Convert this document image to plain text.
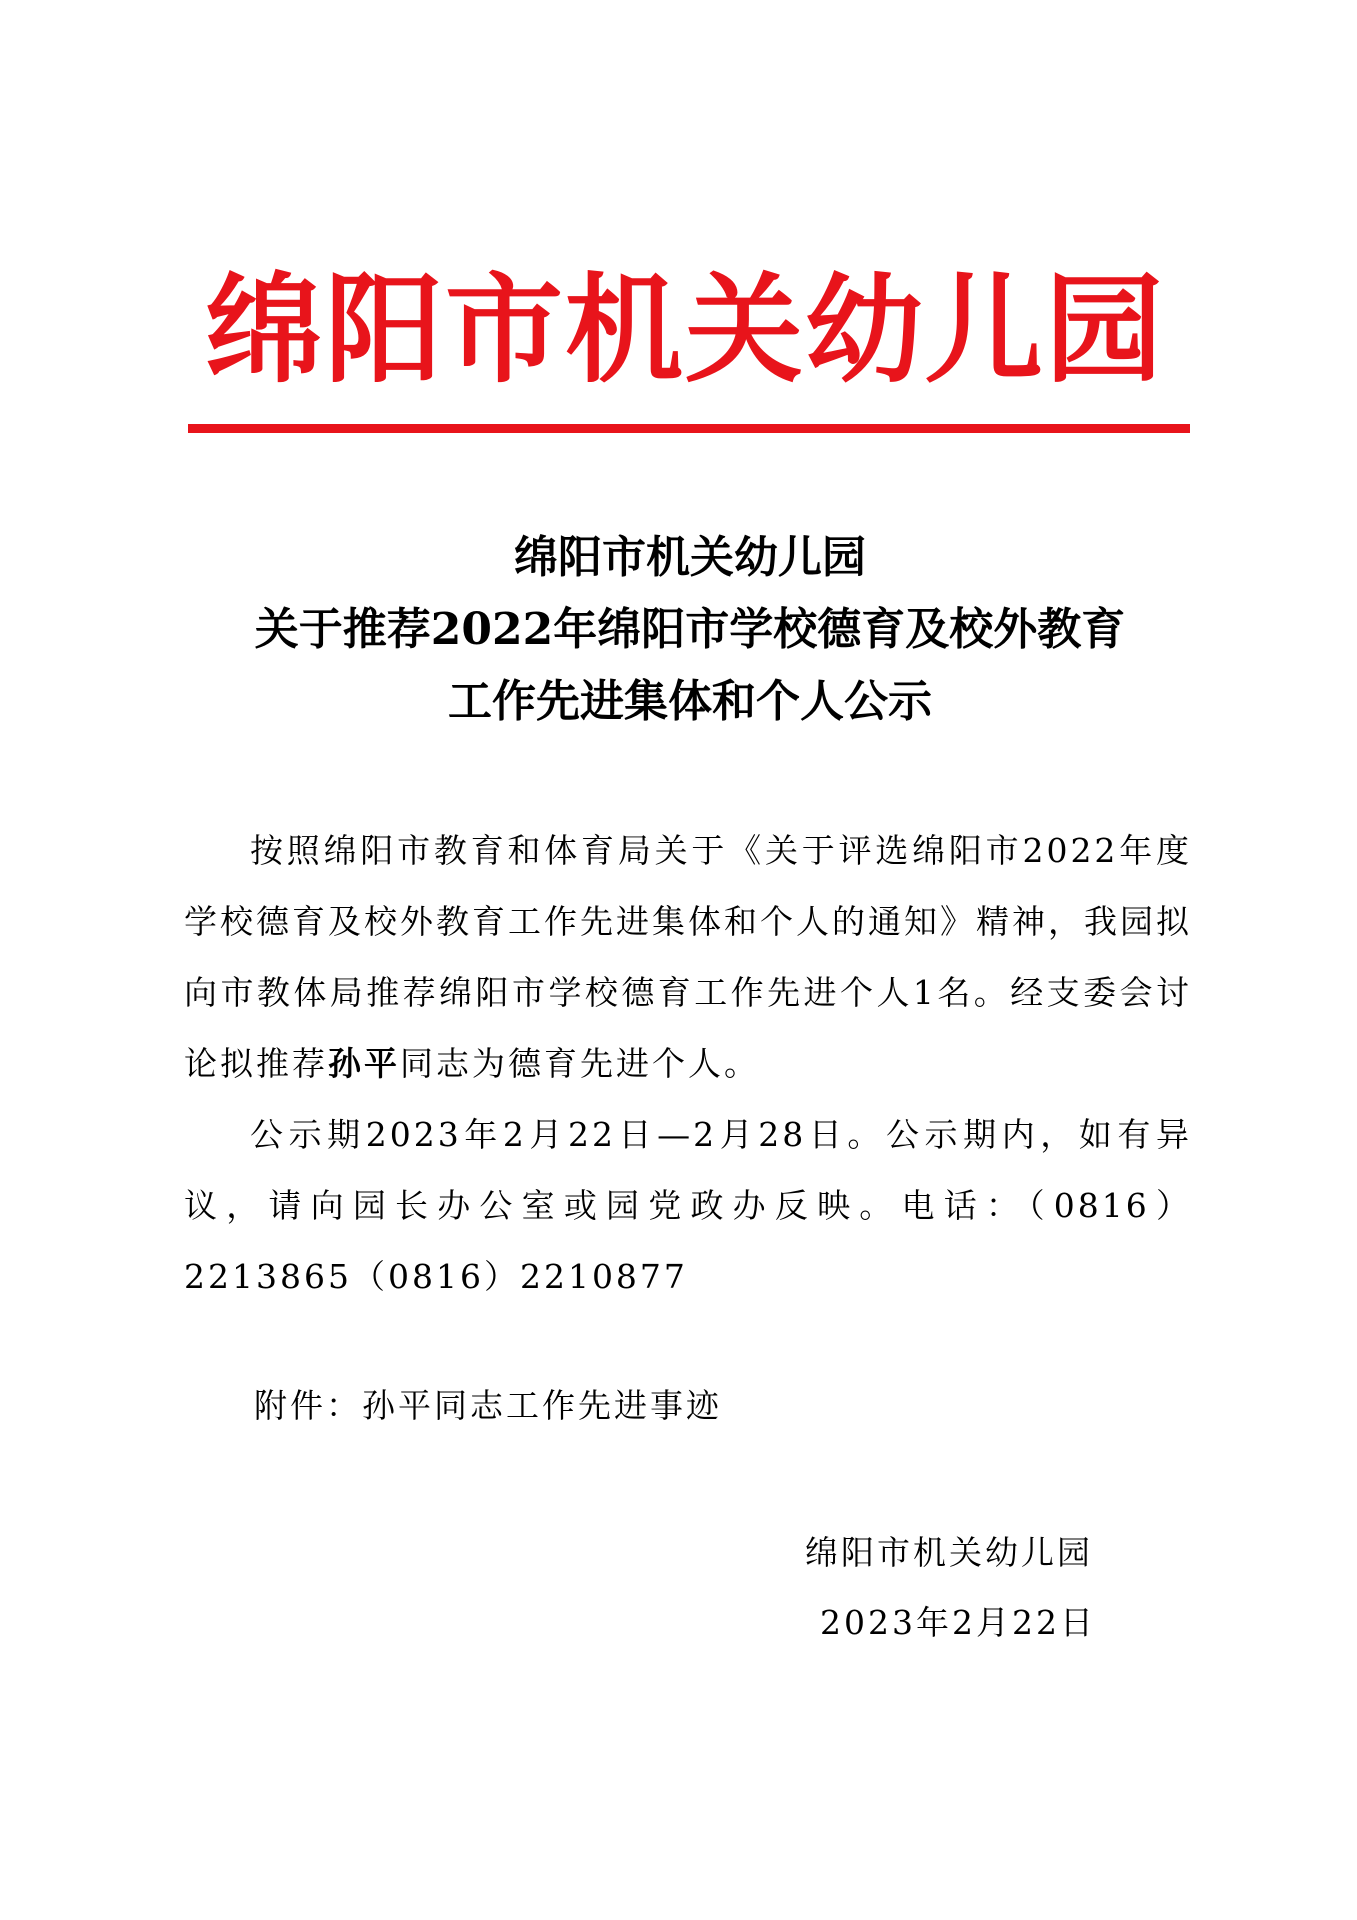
绵阳市机关幼儿园
绵阳市机关幼儿园
关于推荐2022年绵阳市学校德育及校外教育
工作先进集体和个人公示

按照绵阳市教育和体育局关于《关于评选绵阳市2022年度学校德育及校外教育工作先进集体和个人的通知》精神，我园拟向市教体局推荐绵阳市学校德育工作先进个人1名。经支委会讨论拟推荐孙平同志为德育先进个人。

公示期2023年2月22日—2月28日。公示期内，如有异议，请向园长办公室或园党政办反映。电话：（0816）2213865（0816）2210877

附件：孙平同志工作先进事迹
绵阳市机关幼儿园
2023年2月22日
